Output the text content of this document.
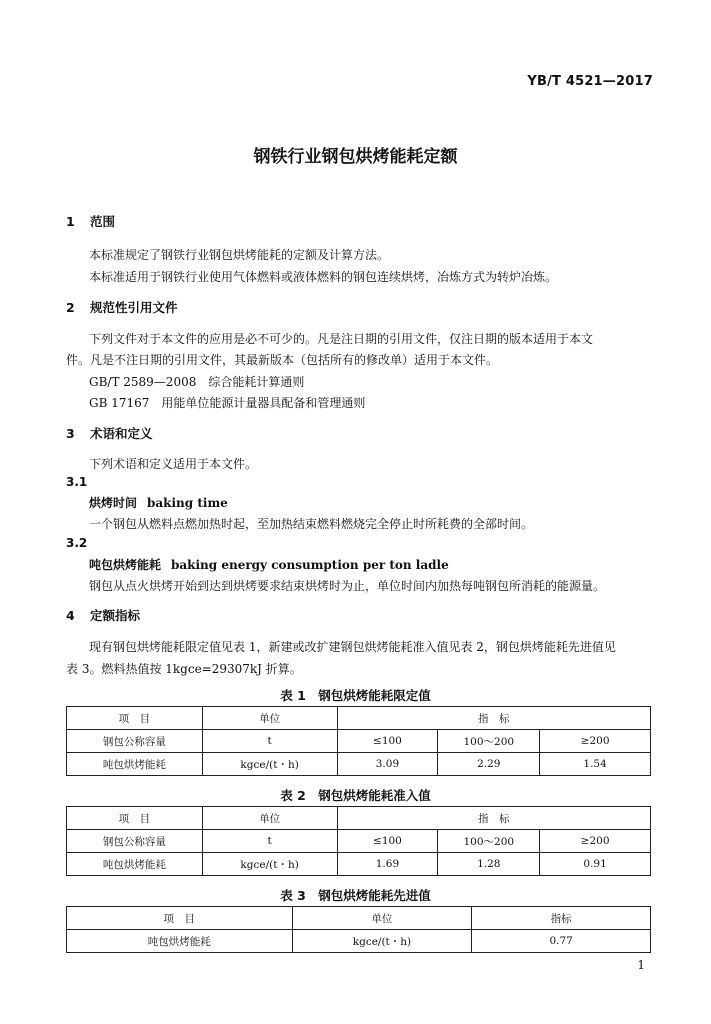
YB/T 4521—2017
钢铁行业钢包烘烤能耗定额
1 范围
本标准规定了钢铁行业钢包烘烤能耗的定额及计算方法。
本标准适用于钢铁行业使用气体燃料或液体燃料的钢包连续烘烤，冶炼方式为转炉冶炼。
2 规范性引用文件
下列文件对于本文件的应用是必不可少的。凡是注日期的引用文件，仅注日期的版本适用于本文
件。凡是不注日期的引用文件，其最新版本（包括所有的修改单）适用于本文件。
GB/T 2589—2008　综合能耗计算通则
GB 17167　用能单位能源计量器具配备和管理通则
3 术语和定义
下列术语和定义适用于本文件。
3.1
烘烤时间 baking time
一个钢包从燃料点燃加热时起，至加热结束燃料燃烧完全停止时所耗费的全部时间。
3.2
吨包烘烤能耗 baking energy consumption per ton ladle
钢包从点火烘烤开始到达到烘烤要求结束烘烤时为止，单位时间内加热每吨钢包所消耗的能源量。
4 定额指标
现有钢包烘烤能耗限定值见表 1，新建或改扩建钢包烘烤能耗准入值见表 2，钢包烘烤能耗先进值见
表 3。燃料热值按 1kgce=29307kJ 折算。
表 1　钢包烘烤能耗限定值
项　目	单位	指　标		
钢包公称容量	t	≤100	100～200	≥200
吨包烘烤能耗	kgce/(t・h)	3.09	2.29	1.54
表 2　钢包烘烤能耗准入值
项　目	单位	指　标		
钢包公称容量	t	≤100	100～200	≥200
吨包烘烤能耗	kgce/(t・h)	1.69	1.28	0.91
表 3　钢包烘烤能耗先进值
项　目	单位	指标
吨包烘烤能耗	kgce/(t・h)	0.77
1
